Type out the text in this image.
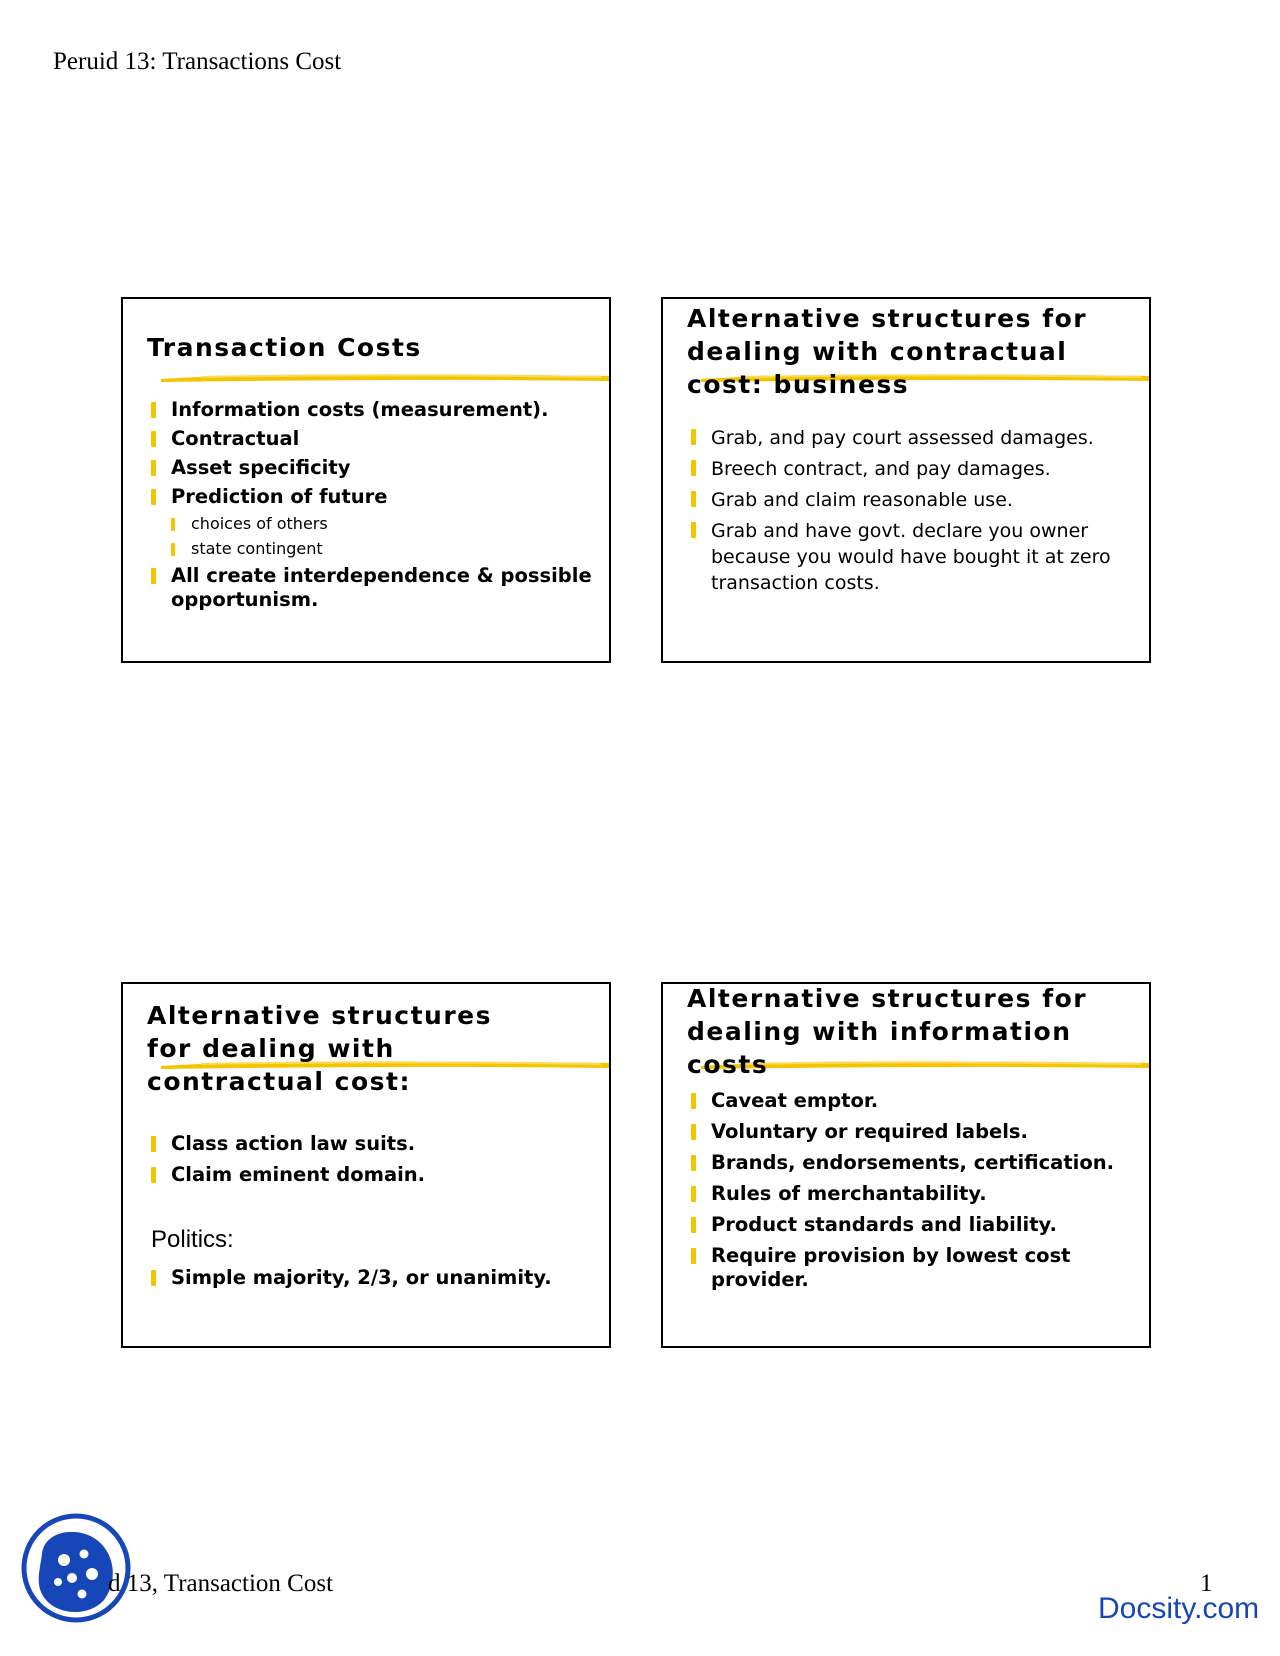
Peruid 13: Transactions Cost
Transaction Costs
Information costs (measurement).
Contractual
Asset specificity
Prediction of future
choices of others
state contingent
All create interdependence & possible opportunism.
Alternative structures for dealing with contractual cost: business
Grab, and pay court assessed damages.
Breech contract, and pay damages.
Grab and claim reasonable use.
Grab and have govt. declare you owner because you would have bought it at zero transaction costs.
Alternative structures for dealing with contractual cost:
Class action law suits.
Claim eminent domain.
Politics:
Simple majority, 2/3, or unanimity.
Alternative structures for dealing with information costs
Caveat emptor.
Voluntary or required labels.
Brands, endorsements, certification.
Rules of merchantability.
Product standards and liability.
Require provision by lowest cost provider.
d 13, Transaction Cost	1
Docsity.com
